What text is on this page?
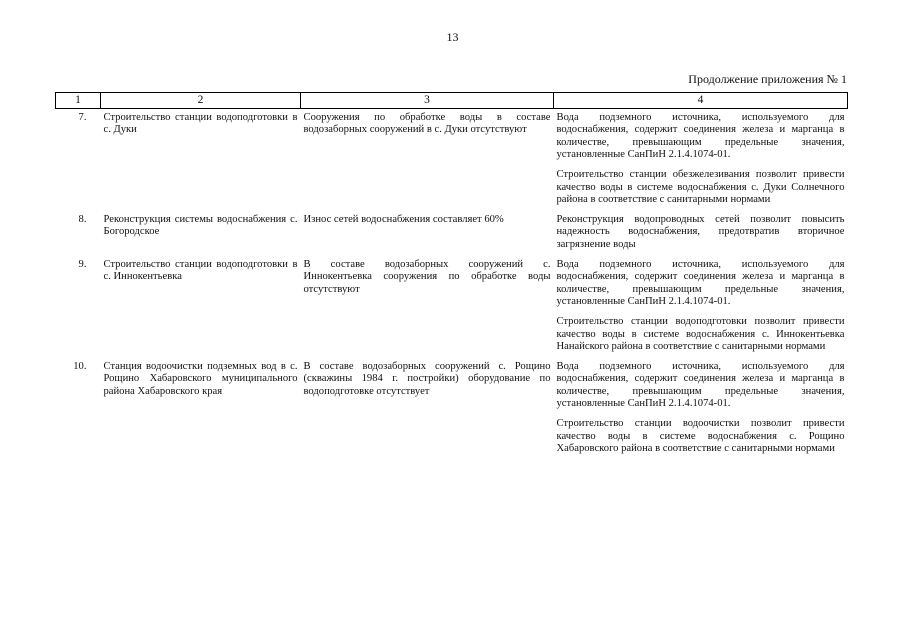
13
Продолжение приложения № 1
1	2	3	4
7.	Строительство станции водоподготовки в с. Дуки	Сооружения по обработке воды в составе водозаборных сооружений в с. Дуки отсутствуют	Вода подземного источника, используемого для водоснабжения, содержит соединения железа и марганца в количестве, превышающим предельные значения, установленные СанПиН 2.1.4.1074-01.
Строительство станции обезжелезивания позволит привести качество воды в системе водоснабжения с. Дуки Солнечного района в соответствие с санитарными нормами

8.	Реконструкция системы водоснабжения с. Богородское	Износ сетей водоснабжения составляет 60%	Реконструкция водопроводных сетей позволит повысить надежность водоснабжения, предотвратив вторичное загрязнение воды

9.	Строительство станции водоподготовки в с. Иннокентьевка	В составе водозаборных сооружений с. Иннокентьевка сооружения по обработке воды отсутствуют	Вода подземного источника, используемого для водоснабжения, содержит соединения железа и марганца в количестве, превышающим предельные значения, установленные СанПиН 2.1.4.1074-01.
Строительство станции водоподготовки позволит привести качество воды в системе водоснабжения с. Иннокентьевка Нанайского района в соответствие с санитарными нормами

10.	Станция водоочистки подземных вод в с. Рощино Хабаровского муниципального района Хабаровского края	В составе водозаборных сооружений с. Рощино (скважины 1984 г. постройки) оборудование по водоподготовке отсутствует	Вода подземного источника, используемого для водоснабжения, содержит соединения железа и марганца в количестве, превышающим предельные значения, установленные СанПиН 2.1.4.1074-01.
Строительство станции водоочистки позволит привести качество воды в системе водоснабжения с. Рощино Хабаровского района в соответствие с санитарными нормами
